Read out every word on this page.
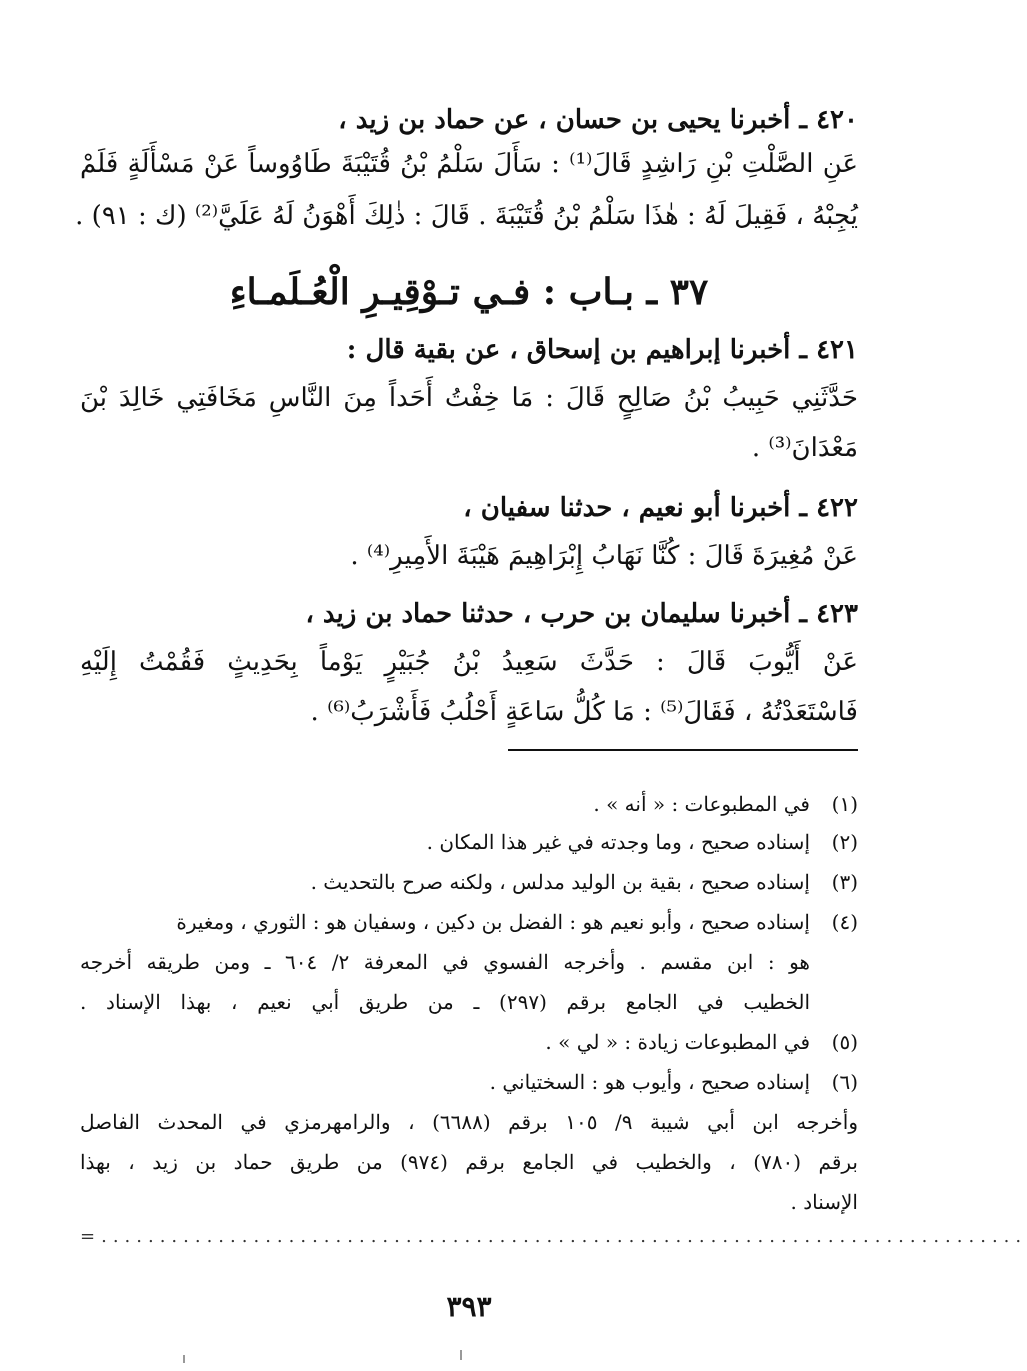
٤٢٠ ـ أخبرنا يحيى بن حسان ، عن حماد بن زيد ،
عَنِ الصَّلْتِ بْنِ رَاشِدٍ قَالَ⁽¹⁾ : سَأَلَ سَلْمُ بْنُ قُتَيْبَةَ طَاوُوساً عَنْ مَسْأَلَةٍ فَلَمْ
يُجِبْهُ ، فَقِيلَ لَهُ : هٰذَا سَلْمُ بْنُ قُتَيْبَةَ . قَالَ : ذٰلِكَ أَهْوَنُ لَهُ عَلَيَّ⁽²⁾ (ك : ٩١) .
٣٧ ـ بـاب : فـي تـوْقِيـرِ الْعُـلَمـاءِ
٤٢١ ـ أخبرنا إبراهيم بن إسحاق ، عن بقية قال :
حَدَّثَنِي حَبِيبُ بْنُ صَالِحٍ قَالَ : مَا خِفْتُ أَحَداً مِنَ النَّاسِ مَخَافَتِي خَالِدَ بْنَ
مَعْدَانَ⁽³⁾ .
٤٢٢ ـ أخبرنا أبو نعيم ، حدثنا سفيان ،
عَنْ مُغِيرَةَ قَالَ : كُنَّا نَهَابُ إِبْرَاهِيمَ هَيْبَةَ الأَمِيرِ⁽⁴⁾ .
٤٢٣ ـ أخبرنا سليمان بن حرب ، حدثنا حماد بن زيد ،
عَنْ أَيُّوبَ قَالَ : حَدَّثَ سَعِيدُ بْنُ جُبَيْرٍ يَوْماً بِحَدِيثٍ فَقُمْتُ إِلَيْهِ
فَاسْتَعَدْتُهُ ، فَقَالَ⁽⁵⁾ : مَا كُلُّ سَاعَةٍ أَحْلُبُ فَأَشْرَبُ⁽⁶⁾ .
(١)في المطبوعات : « أنه » .
(٢)إسناده صحيح ، وما وجدته في غير هذا المكان .
(٣)إسناده صحيح ، بقية بن الوليد مدلس ، ولكنه صرح بالتحديث .
(٤)إسناده صحيح ، وأبو نعيم هو : الفضل بن دكين ، وسفيان هو : الثوري ، ومغيرة
هو : ابن مقسم . وأخرجه الفسوي في المعرفة ٢/ ٦٠٤ ـ ومن طريقه أخرجه
الخطيب في الجامع برقم (٢٩٧) ـ من طريق أبي نعيم ، بهذا الإسناد .
(٥)في المطبوعات زيادة : « لي » .
(٦)إسناده صحيح ، وأيوب هو : السختياني .
وأخرجه ابن أبي شيبة ٩/ ١٠٥ برقم (٦٦٨٨) ، والرامهرمزي في المحدث الفاصل
برقم (٧٨٠) ، والخطيب في الجامع برقم (٩٧٤) من طريق حماد بن زيد ، بهذا
الإسناد .
=...............................................................................
٣٩٣
